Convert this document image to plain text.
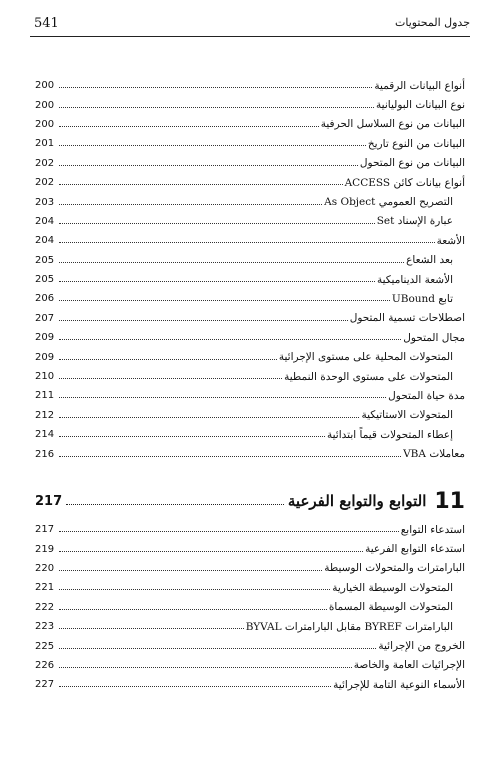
541	جدول المحتويات
أنواع البيانات الرقمية
200
نوع البيانات البوليانية
200
البيانات من نوع السلاسل الحرفية
200
البيانات من النوع تاريخ
201
البيانات من نوع المتحول
202
أنواع بيانات كائن ACCESS
202
التصريح العمومي As Object
203
عبارة الإسناد Set
204
الأشعة
204
بعد الشعاع
205
الأشعة الديناميكية
205
تابع UBound
206
اصطلاحات تسمية المتحول
207
مجال المتحول
209
المتحولات المحلية على مستوى الإجرائية
209
المتحولات على مستوى الوحدة النمطية
210
مدة حياة المتحول
211
المتحولات الاستاتيكية
212
إعطاء المتحولات قيماً ابتدائية
214
معاملات VBA
216
11
التوابع والتوابع الفرعية
217
استدعاء التوابع
217
استدعاء التوابع الفرعية
219
البارامترات والمتحولات الوسيطة
220
المتحولات الوسيطة الخيارية
221
المتحولات الوسيطة المسماة
222
البارامترات BYREF مقابل البارامترات BYVAL
223
الخروج من الإجرائية
225
الإجرائيات العامة والخاصة
226
الأسماء النوعية التامة للإجرائية
227
